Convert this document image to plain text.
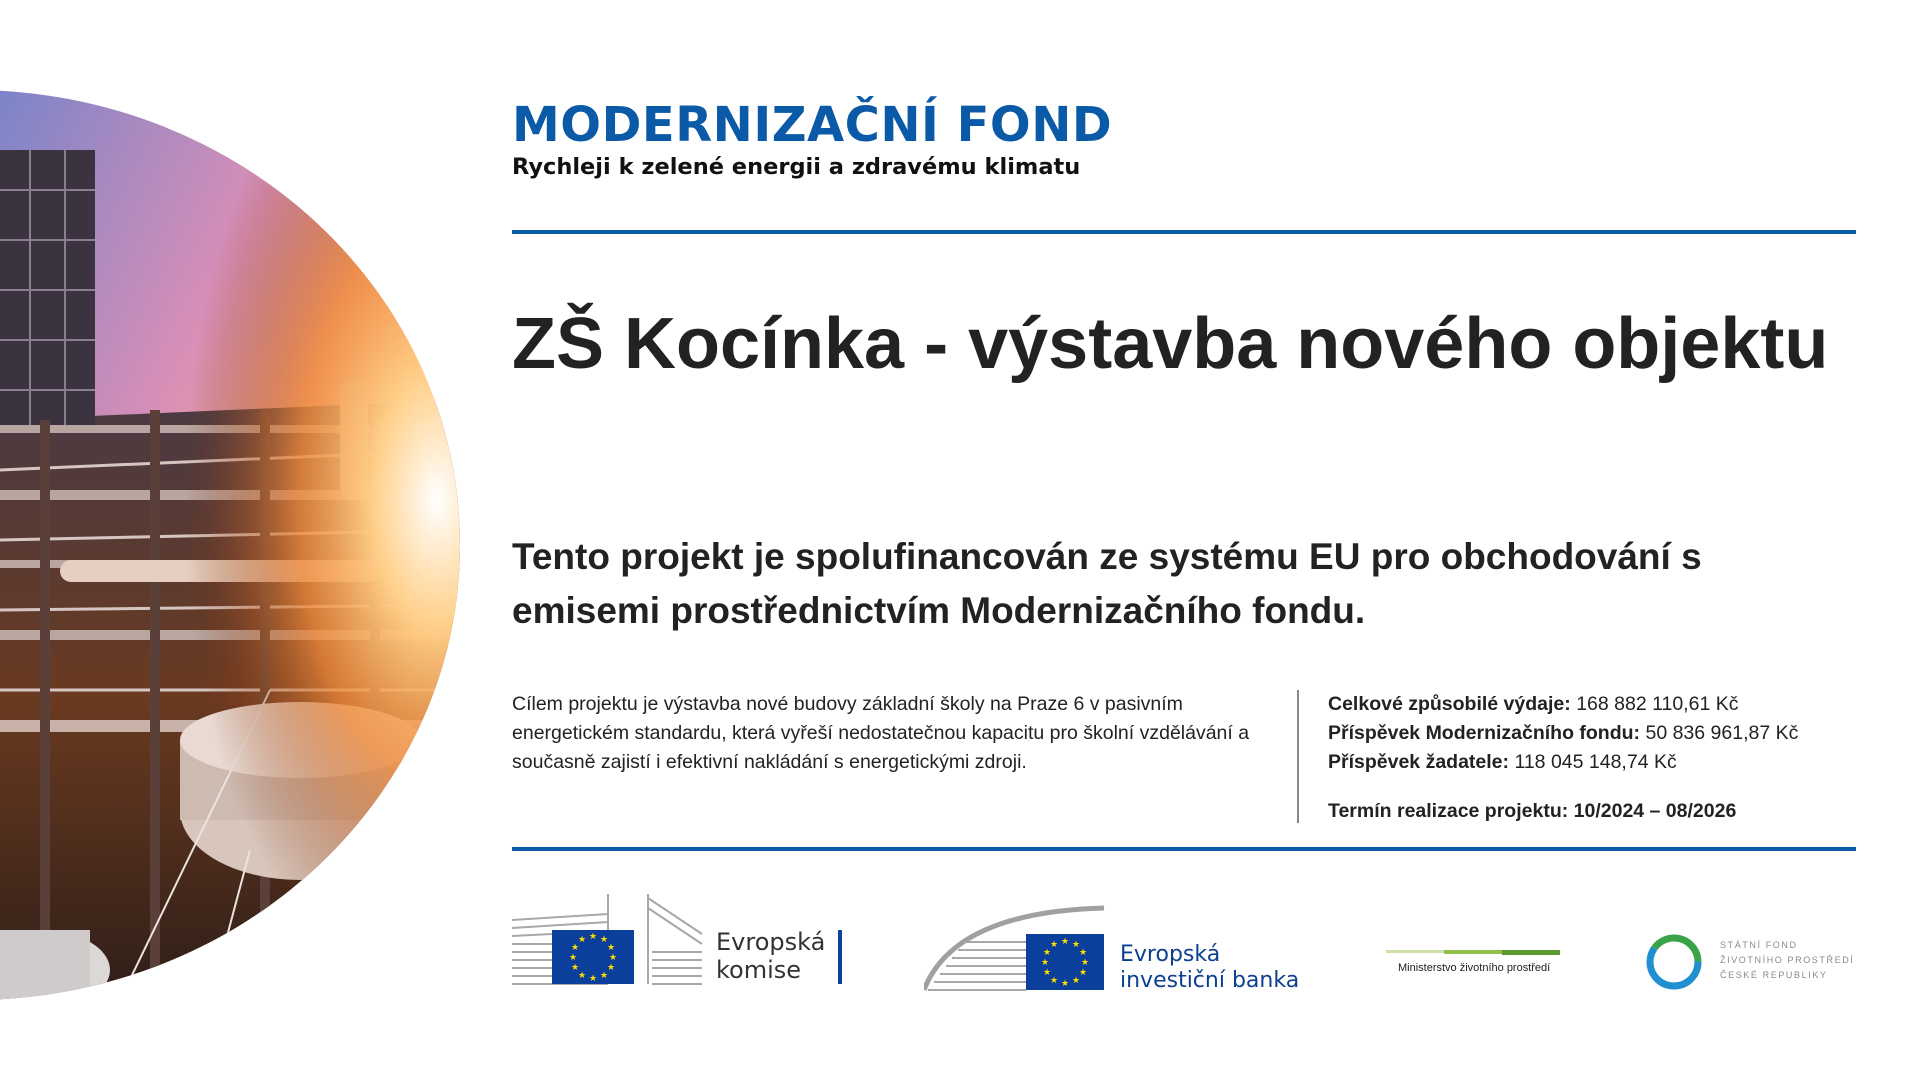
MODERNIZAČNÍ FOND
Rychleji k zelené energii a zdravému klimatu
ZŠ Kocínka - výstavba nového objektu
Tento projekt je spolufinancován ze systému EU pro obchodování s emisemi prostřednictvím Modernizačního fondu.
Cílem projektu je výstavba nové budovy základní školy na Praze 6 v pasivním energetickém standardu, která vyřeší nedostatečnou kapacitu pro školní vzdělávání a současně zajistí i efektivní nakládání s energetickými zdroji.
Celkové způsobilé výdaje: 168 882 110,61 Kč
Příspěvek Modernizačního fondu: 50 836 961,87 Kč
Příspěvek žadatele: 118 045 148,74 Kč
Termín realizace projektu: 10/2024 – 08/2026
★ ★
★
★
★
★
★
★
★
★
★
★	Evropská
komise
★ ★
★
★
★
★
★
★
★
★
★
★	Evropská
investiční banka	Ministerstvo životního prostředí
STÁTNÍ FOND
ŽIVOTNÍHO PROSTŘEDÍ
ČESKÉ REPUBLIKY
